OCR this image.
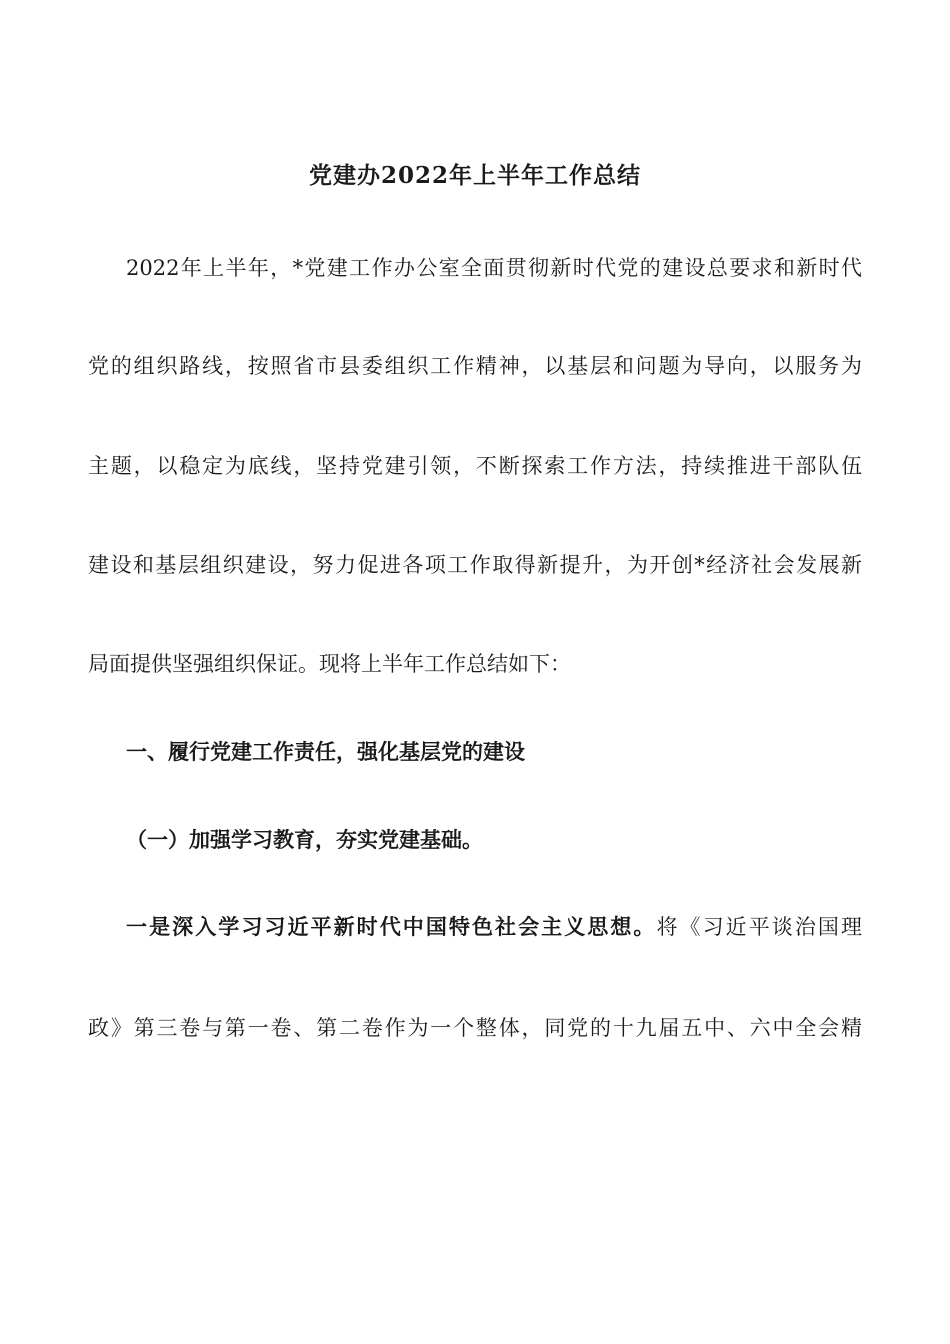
党建办2022年上半年工作总结
2022年上半年，*党建工作办公室全面贯彻新时代党的建设总要求和新时代
党的组织路线，按照省市县委组织工作精神，以基层和问题为导向，以服务为
主题，以稳定为底线，坚持党建引领，不断探索工作方法，持续推进干部队伍
建设和基层组织建设，努力促进各项工作取得新提升，为开创*经济社会发展新
局面提供坚强组织保证。现将上半年工作总结如下：
一、履行党建工作责任，强化基层党的建设
（一）加强学习教育，夯实党建基础。
一是深入学习习近平新时代中国特色社会主义思想。将《习近平谈治国理
政》第三卷与第一卷、第二卷作为一个整体，同党的十九届五中、六中全会精
